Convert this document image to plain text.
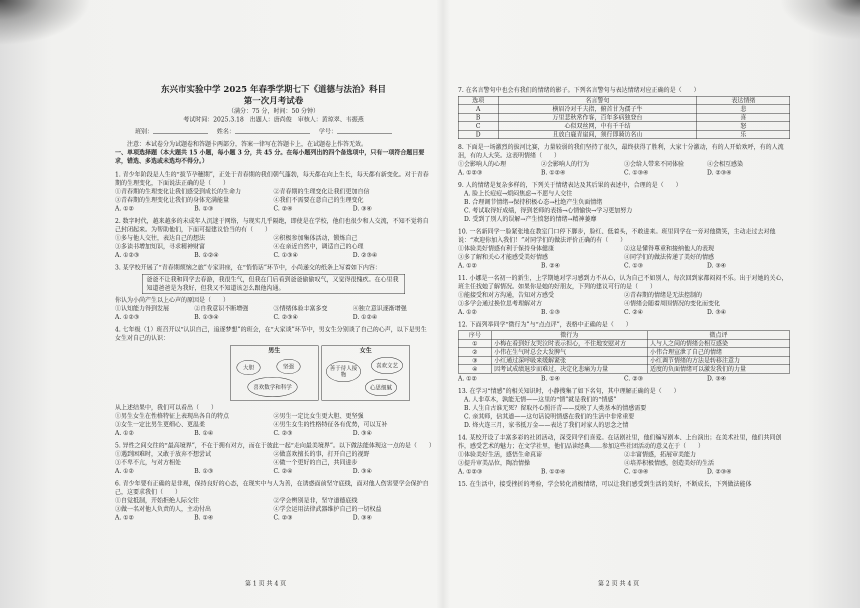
东兴市实验中学 2025 年春季学期七下《道德与法治》科目
第一次月考试卷
（满分：75 分，时间：50 分钟）
考试时间：2025.3.18　出题人：唐尚俊　审核人：黄琼翠、韦振燕
班别：	姓名：	学号：
注意：本试卷分为试题卷和答题卡两部分，答案一律写在答题卡上，在试题卷上作答无效。
一、单项选择题（本大题共 15 小题，每小题 3 分，共 45 分。在每小题列出的四个备选项中，只有一项符合题目要求，错选、多选或未选均不得分。）
1. 青少年阶段是人生的“拔节孕穗期”，正处于青春期的我们朝气蓬勃，每天都在向上生长，每天都有新变化。对于青春期的生理变化，下面说法正确的是（　　）
①青春期的生理变化让我们感受到成长的生命力	②青春期的生理变化让我们更加自信
③青春期的生理变化让我们的身体充满能量	④我们不需要在意自己的生理变化
A. ①②	B. ①③	C. ②④	D. ③④
2. 数字时代，越来越多的未成年人沉迷于网络，与现实几乎隔绝，即使是在学校，他们也很少和人交流，不知不觉将自己封闭起来。为帮助他们，下面可提建议恰当的有（　　）
①多与他人交往，表达自己的想法	②积极参加集体活动，锻炼自己
③多读书增加知识，寻求精神财富	④在亲近自然中，调适自己的心理
A. ①②③	B. ①②④	C. ①③④	D. ②③④
3. 某学校开展了“青春期烦恼之旅”专家讲座，在“悄悄话”环节中，小尚递交的纸条上写着如下内容：
爸爸不让我和同学去春游，我很生气，但我在门后看到爸爸偷偷叹气，又觉得很愧疚。在心里我知道爸爸是为我好，但我又不知道该怎么跟他沟通。
你认为小尚产生以上心声的原因是（　　）
①认知能力得到发展	②自我意识不断增强	③情绪体验丰富多变	④独立意识逐渐增强
A. ①②③	B. ①③④	C. ②③④	D. ①②④
4. 七年级（1）班召开以“认识自己，追逐梦想”的班会，在“大家谈”环节中，男女生分别谈了自己的心声，以下是男生女生对自己的认识：
男生
大胆	坚强
喜欢数学和科学
女生
善于待人接物
喜欢文艺
心思细腻
从上述结果中，我们可以看出（　　）
①男生女生在性格特征上表现出各自的特点	②男生一定比女生更大胆、更坚强
③女生一定比男生更细心、更温柔	④男生女生的性格特征各有优势，可以互补
A. ①②	B. ①④	C. ②③	D. ③④
5. 异性之间交往的“最高境界”，不在于拥有对方，而在于彼此一起“走向最美境界”。以下做法能体现这一点的是（　　）
①遇到困难时，又敢于放弃不想尝试	②做喜欢擅长的事，打开自己的视野
③不卑不亢，与对方相处	④做一个更好的自己，共同进步
A. ①②	B. ①③	C. ②④	D. ③④
6. 青少年要有正确的是非观，保持良好的心态，在现实中与人为善，在诱惑面前坚守底线，面对他人伤害要学会保护自己，这要求我们（　　）
①自觉抵制，开始拒绝人际交往	②学会辨别是非，坚守道德底线
③做一名对他人负责的人，主动付出	④学会运用法律武器维护自己的一切权益
A. ①②	B. ①④	C. ②③	D. ③④
7. 在名言警句中也会有我们的情绪的影子。下列名言警句与表达情绪对应正确的是（　　）
选项	名言警句	表达情绪
A	横眉冷对千夫指，俯首甘为孺子牛	悲
B	万里悲秋常作客，百年多病独登台	喜
C	心似双丝网，中有千千结	怒
D	且放白鹿青崖间，须行即骑访名山	乐
8. 下面是一场激烈的拔河比赛，力量较弱的我们坚持了很久，最终获得了胜利，大家十分激动，有的人开始欢呼，有的人流泪，有的人大笑。这表明情绪（　　）
①会影响人的心理	②会影响人的行为	③会给人带来不同体验	④会相互感染
A. ①②③	B. ①②④	C. ①③④	D. ②③④
9. 人的情绪是复杂多样的，下列关于情绪表达及其后果的表述中，合理的是（　　）
A. 脸上长痘痘→烦闷焦虑→不愿与人交往
B. 合理调节情绪→保持积极心态→杜绝产生负面情绪
C. 考试取得好成绩，得到老师的表扬→心情愉快→学习更加努力
D. 受到了别人的误解→产生愤怒的情绪→精神萎靡
10. 一名新同学一脸紧张地在教室门口停下脚步，脸红、低着头，不敢进来。班里同学在一旁对他微笑，主动走过去对他说：“欢迎你加入我们！”对同学们的做法评价正确的有（　　）
①体验美好情感有利于保持身体健康	②这是懂得尊重和接纳他人的表现
③多了解和关心才能感受美好情感	④同学们的做法传递了美好的情感
A. ①②	B. ②④	C. ①③	D. ③④
11. 小娜是一名初一的新生，上学期她对学习感到力不从心，认为自己不如别人，每次回到家都闷闷不乐。出于对她的关心，班主任找她了解情况。如果你是她的好朋友，下列的建议可行的是（　　）
①能接受和对方沟通，告知对方感受	②青春期的情绪是无法控制的
③多学会通过换位思考理解对方	④情绪会随着周围情况的变化而变化
A. ①②	B. ①③	C. ②④	D. ③④
12. 下面列举同学“微行为”与“点点评”，表格中正确的是（　　）
序号	微行为	微点评
①	小梅在看到好友哭泣时表示担心，不住地安慰对方	人与人之间的情绪会相互感染
②	小伟在生气时总会大发脾气	小伟合理宣泄了自己的情绪
③	小红通过深呼吸来缓解紧张	小红调节情绪的方法是转移注意力
④	因考试成绩退步而难过，决定化悲痛为力量	适度的负面情绪可以激发我们的力量
A. ①②	B. ①④	C. ②③	D. ③④
13. 在学习“情感”的相关知识时，小静搜集了如下名句，其中理解正确的是（　　）
A. 人非草木，孰能无情——这里的“情”就是我们的“情感”
B. 人生自古谁无死？留取丹心照汗青——反映了人类基本的情感需要
C. 亲其师，信其道——这句话说明情感在我们的生活中非常重要
D. 烽火连三月，家书抵万金——表达了我们对家人的思念之情
14. 某校开设了丰富多彩的社团活动，深受同学们喜爱。在话剧社里，他们编写剧本、上台演出；在美术社里，他们共同创作，感受艺术的魅力；在文学社里，他们品读经典……参加这些社团活动的意义在于（　　）
①体验美好生活，感悟生命真谛	②丰富情感，拓展审美能力
③提升审美品位，陶冶情操	④培养积极情感，创造美好的生活
A. ①②③	B. ①②④	C. ①③④	D. ②③④
15. 在生活中，接受挫折的考验，学会转化消极情绪，可以让我们感受到生活的美好，不断成长，下列做法能体
第 1 页 共 4 页	第 2 页 共 4 页
